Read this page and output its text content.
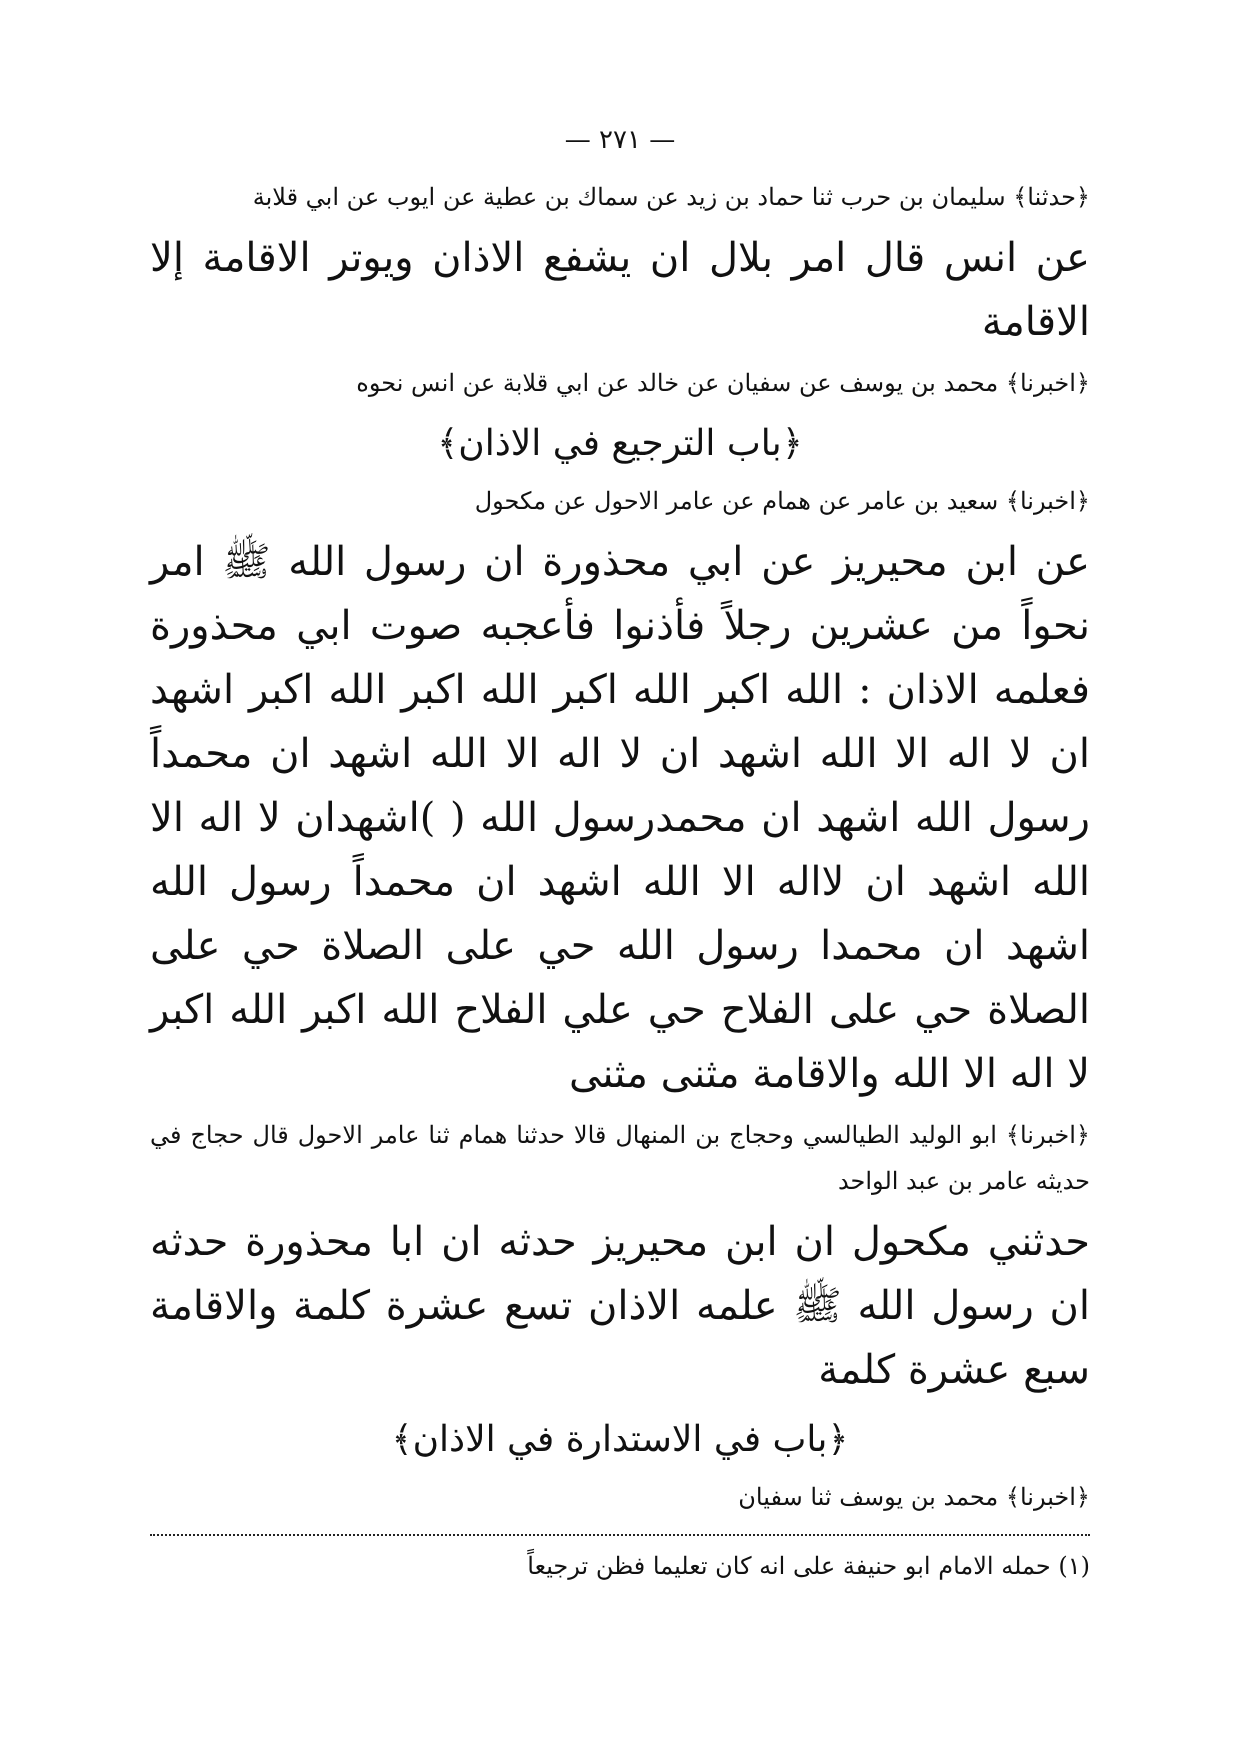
— ٢٧١ —

﴿حدثنا﴾ سليمان بن حرب ثنا حماد بن زيد عن سماك بن عطية عن ايوب عن ابي قلابة

عن انس قال امر بلال ان يشفع الاذان ويوتر الاقامة إلا الاقامة

﴿اخبرنا﴾ محمد بن يوسف عن سفيان عن خالد عن ابي قلابة عن انس نحوه

﴿باب الترجيع في الاذان﴾

﴿اخبرنا﴾ سعيد بن عامر عن همام عن عامر الاحول عن مكحول

عن ابن محيريز عن ابي محذورة ان رسول الله ﷺ امر نحواً من عشرين رجلاً فأذنوا فأعجبه صوت ابي محذورة فعلمه الاذان : الله اكبر الله اكبر الله اكبر الله اكبر اشهد ان لا اله الا الله اشهد ان لا اله الا الله اشهد ان محمداً رسول الله اشهد ان محمدرسول الله ( )اشهدان لا اله الا الله اشهد ان لااله الا الله اشهد ان محمداً رسول الله اشهد ان محمدا رسول الله حي على الصلاة حي على الصلاة حي على الفلاح حي علي الفلاح الله اكبر الله اكبر لا اله الا الله والاقامة مثنى مثنى

﴿اخبرنا﴾ ابو الوليد الطيالسي وحجاج بن المنهال قالا حدثنا همام ثنا عامر الاحول قال حجاج في حديثه عامر بن عبد الواحد

حدثني مكحول ان ابن محيريز حدثه ان ابا محذورة حدثه ان رسول الله ﷺ علمه الاذان تسع عشرة كلمة والاقامة سبع عشرة كلمة

﴿باب في الاستدارة في الاذان﴾

﴿اخبرنا﴾ محمد بن يوسف ثنا سفيان

(١) حمله الامام ابو حنيفة على انه كان تعليما فظن ترجيعاً
